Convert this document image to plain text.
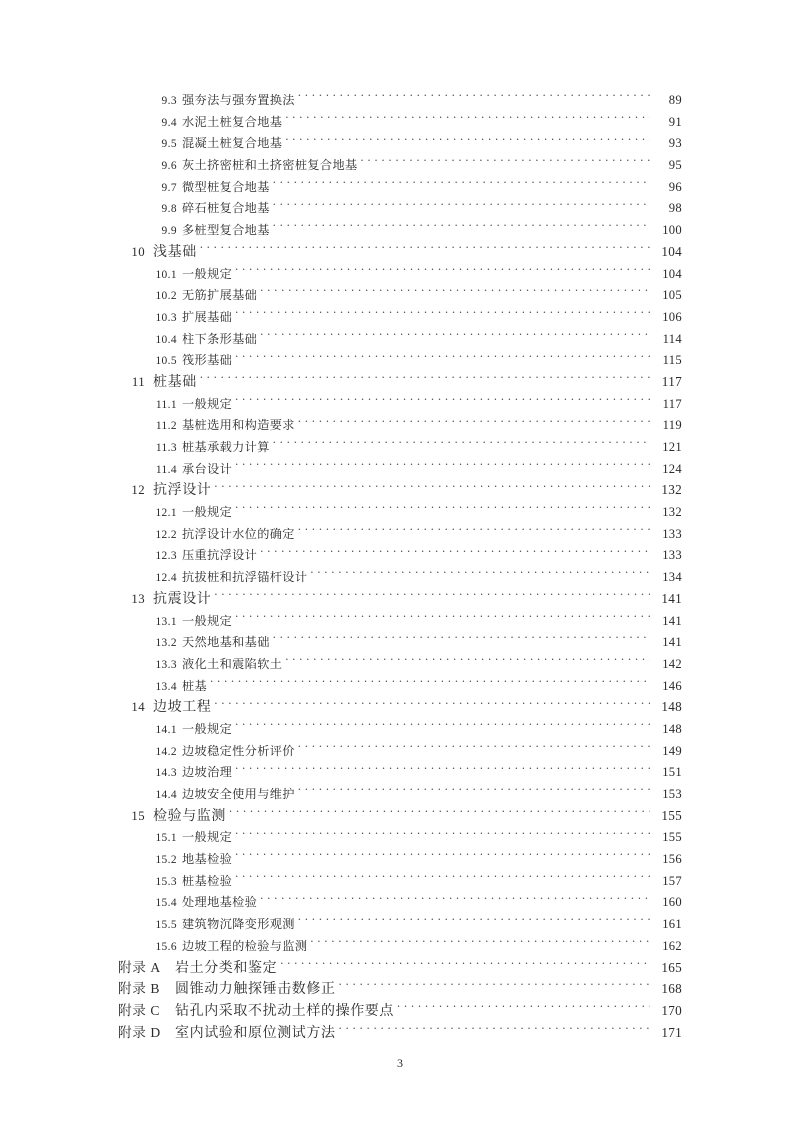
9.3 强夯法与强夯置换法 . . .	89
9.4 水泥土桩复合地基 . . .	91
9.5 混凝土桩复合地基 . . .	93
9.6 灰土挤密桩和土挤密桩复合地基 . . .	95
9.7 微型桩复合地基 . . .	96
9.8 碎石桩复合地基 . . .	98
9.9 多桩型复合地基 . . .	100
10 浅基础 . . .	104
10.1 一般规定 . . .	104
10.2 无筋扩展基础 . . .	105
10.3 扩展基础 . . .	106
10.4 柱下条形基础 . . .	114
10.5 筏形基础 . . .	115
11 桩基础 . . .	117
11.1 一般规定 . . .	117
11.2 基桩选用和构造要求 . . .	119
11.3 桩基承载力计算 . . .	121
11.4 承台设计 . . .	124
12 抗浮设计 . . .	132
12.1 一般规定 . . .	132
12.2 抗浮设计水位的确定 . . .	133
12.3 压重抗浮设计 . . .	133
12.4 抗拔桩和抗浮锚杆设计 . . .	134
13 抗震设计 . . .	141
13.1 一般规定 . . .	141
13.2 天然地基和基础 . . .	141
13.3 液化土和震陷软土 . . .	142
13.4 桩基 . . .	146
14 边坡工程 . . .	148
14.1 一般规定 . . .	148
14.2 边坡稳定性分析评价 . . .	149
14.3 边坡治理 . . .	151
14.4 边坡安全使用与维护 . . .	153
15 检验与监测 . . .	155
15.1 一般规定 . . .	155
15.2 地基检验 . . .	156
15.3 桩基检验 . . .	157
15.4 处理地基检验 . . .	160
15.5 建筑物沉降变形观测 . . .	161
15.6 边坡工程的检验与监测 . . .	162
附录 A	岩土分类和鉴定 . . .	165
附录 B	圆锥动力触探锤击数修正 . . .	168
附录 C	钻孔内采取不扰动土样的操作要点 . . .	170
附录 D	室内试验和原位测试方法 . . .	171
3
